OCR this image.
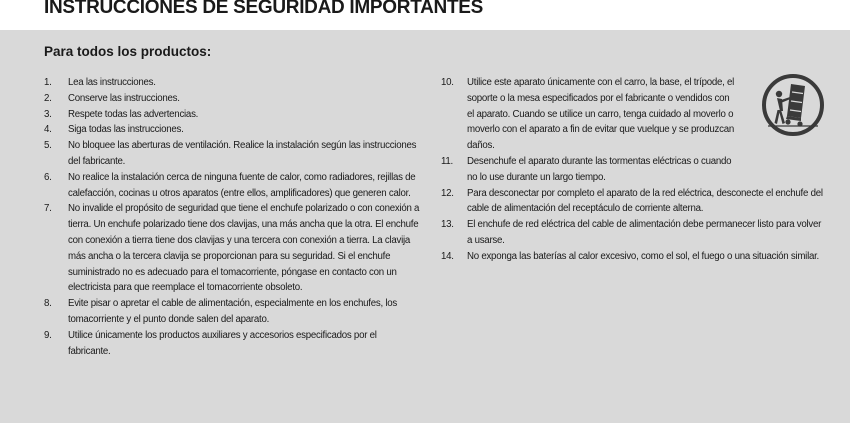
INSTRUCCIONES DE SEGURIDAD IMPORTANTES
Para todos los productos:
1.	Lea las instrucciones.
2.	Conserve las instrucciones.
3.	Respete todas las advertencias.
4.	Siga todas las instrucciones.
5.	No bloquee las aberturas de ventilación. Realice la instalación según las instrucciones del fabricante.
6.	No realice la instalación cerca de ninguna fuente de calor, como radiadores, rejillas de calefacción, cocinas u otros aparatos (entre ellos, amplificadores) que generen calor.
7.	No invalide el propósito de seguridad que tiene el enchufe polarizado o con conexión a tierra. Un enchufe polarizado tiene dos clavijas, una más ancha que la otra. El enchufe con conexión a tierra tiene dos clavijas y una tercera con conexión a tierra. La clavija más ancha o la tercera clavija se proporcionan para su seguridad. Si el enchufe suministrado no es adecuado para el tomacorriente, póngase en contacto con un electricista para que reemplace el tomacorriente obsoleto.
8.	Evite pisar o apretar el cable de alimentación, especialmente en los enchufes, los tomacorriente y el punto donde salen del aparato.
9.	Utilice únicamente los productos auxiliares y accesorios especificados por el fabricante.
10.	Utilice este aparato únicamente con el carro, la base, el trípode, el soporte o la mesa especificados por el fabricante o vendidos con el aparato. Cuando se utilice un carro, tenga cuidado al moverlo o moverlo con el aparato a fin de evitar que vuelque y se produzcan daños.
11.	Desenchufe el aparato durante las tormentas eléctricas o cuando no lo use durante un largo tiempo.
12.	Para desconectar por completo el aparato de la red eléctrica, desconecte el enchufe del cable de alimentación del receptáculo de corriente alterna.
13.	El enchufe de red eléctrica del cable de alimentación debe permanecer listo para volver a usarse.
14.	No exponga las baterías al calor excesivo, como el sol, el fuego o una situación similar.
